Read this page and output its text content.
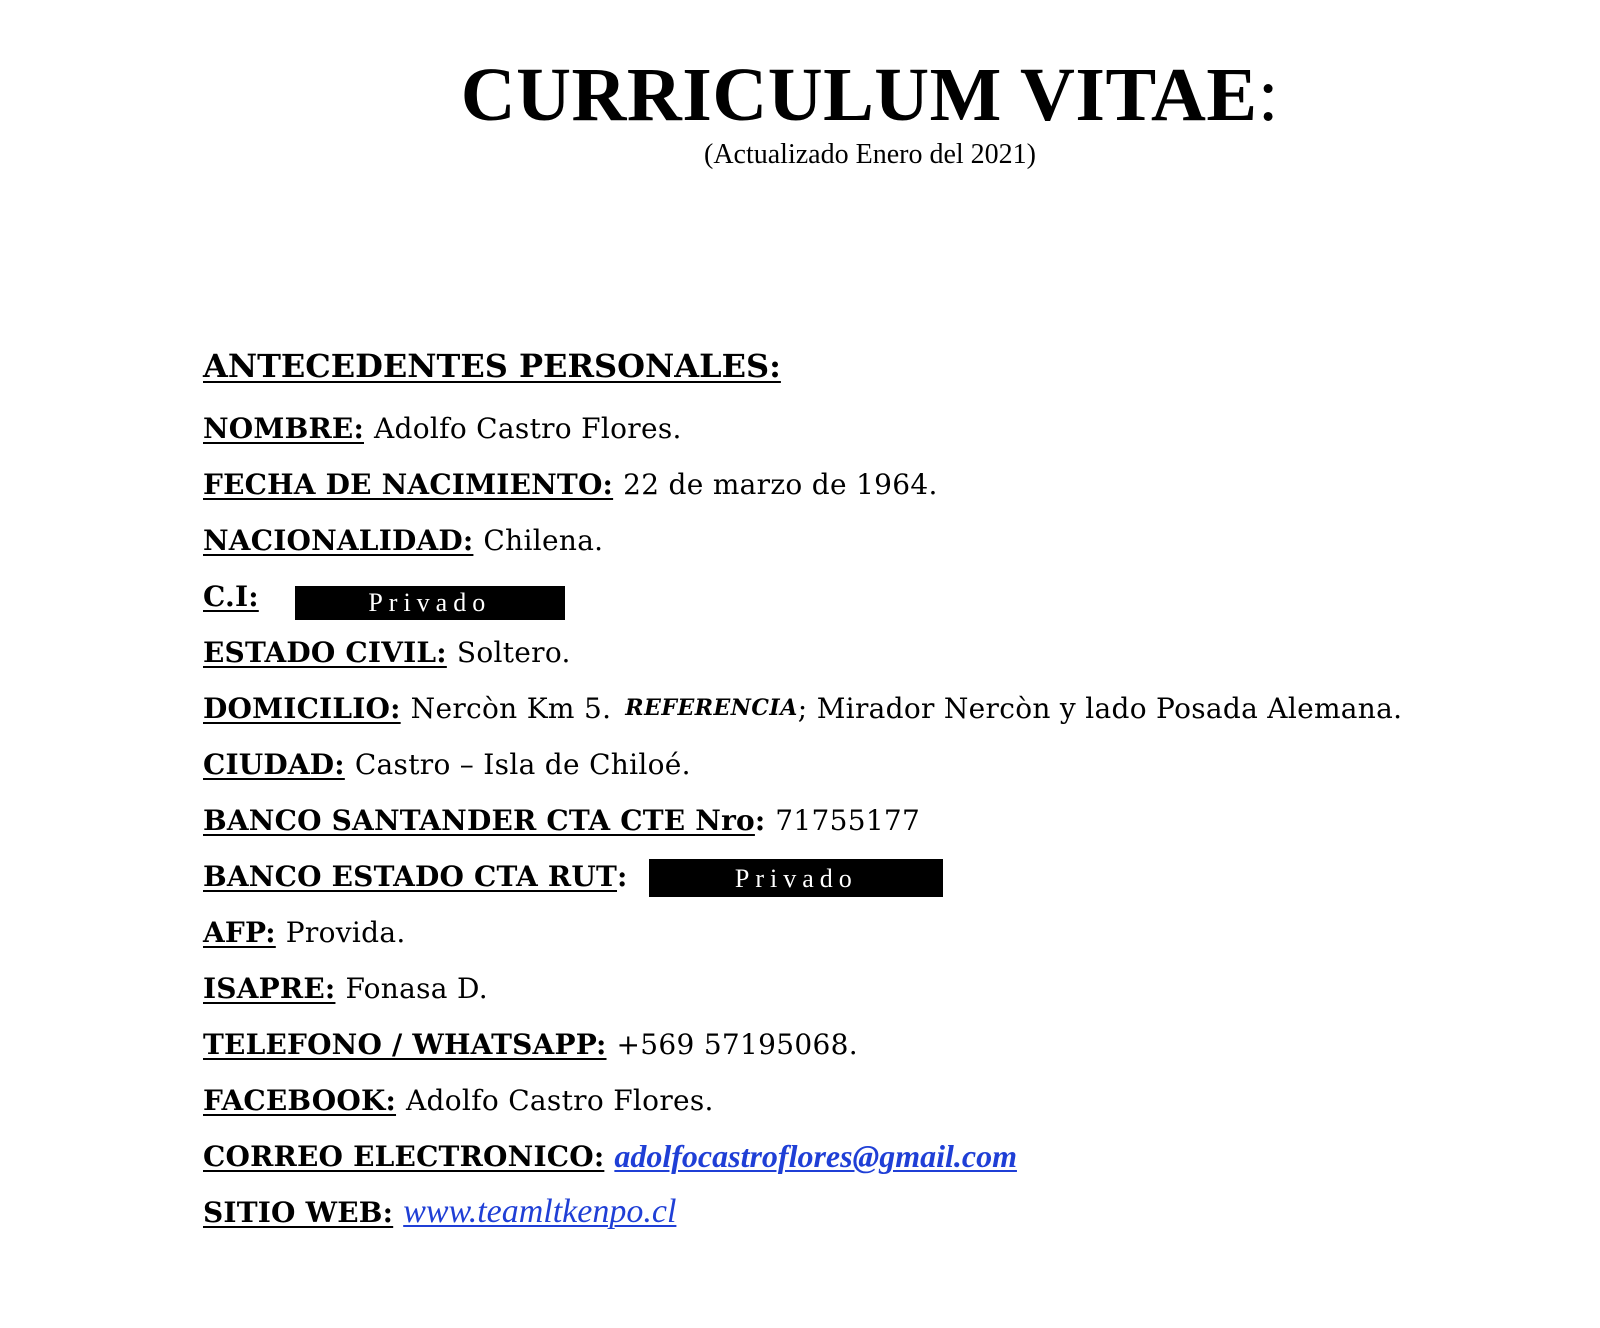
CURRICULUM VITAE:
(Actualizado Enero del 2021)
ANTECEDENTES PERSONALES:
NOMBRE: Adolfo Castro Flores.
FECHA DE NACIMIENTO: 22 de marzo de 1964.
NACIONALIDAD: Chilena.
C.I:	Privado
ESTADO CIVIL: Soltero.
DOMICILIO: Nercòn Km 5. REFERENCIA ; Mirador Nercòn y lado Posada Alemana.
CIUDAD: Castro – Isla de Chiloé.
BANCO SANTANDER CTA CTE Nro : 71755177
BANCO ESTADO CTA RUT :	Privado
AFP: Provida.
ISAPRE: Fonasa D.
TELEFONO / WHATSAPP: +569 57195068.
FACEBOOK: Adolfo Castro Flores.
CORREO ELECTRONICO: adolfocastroflores@gmail.com
SITIO WEB: www.teamltkenpo.cl
